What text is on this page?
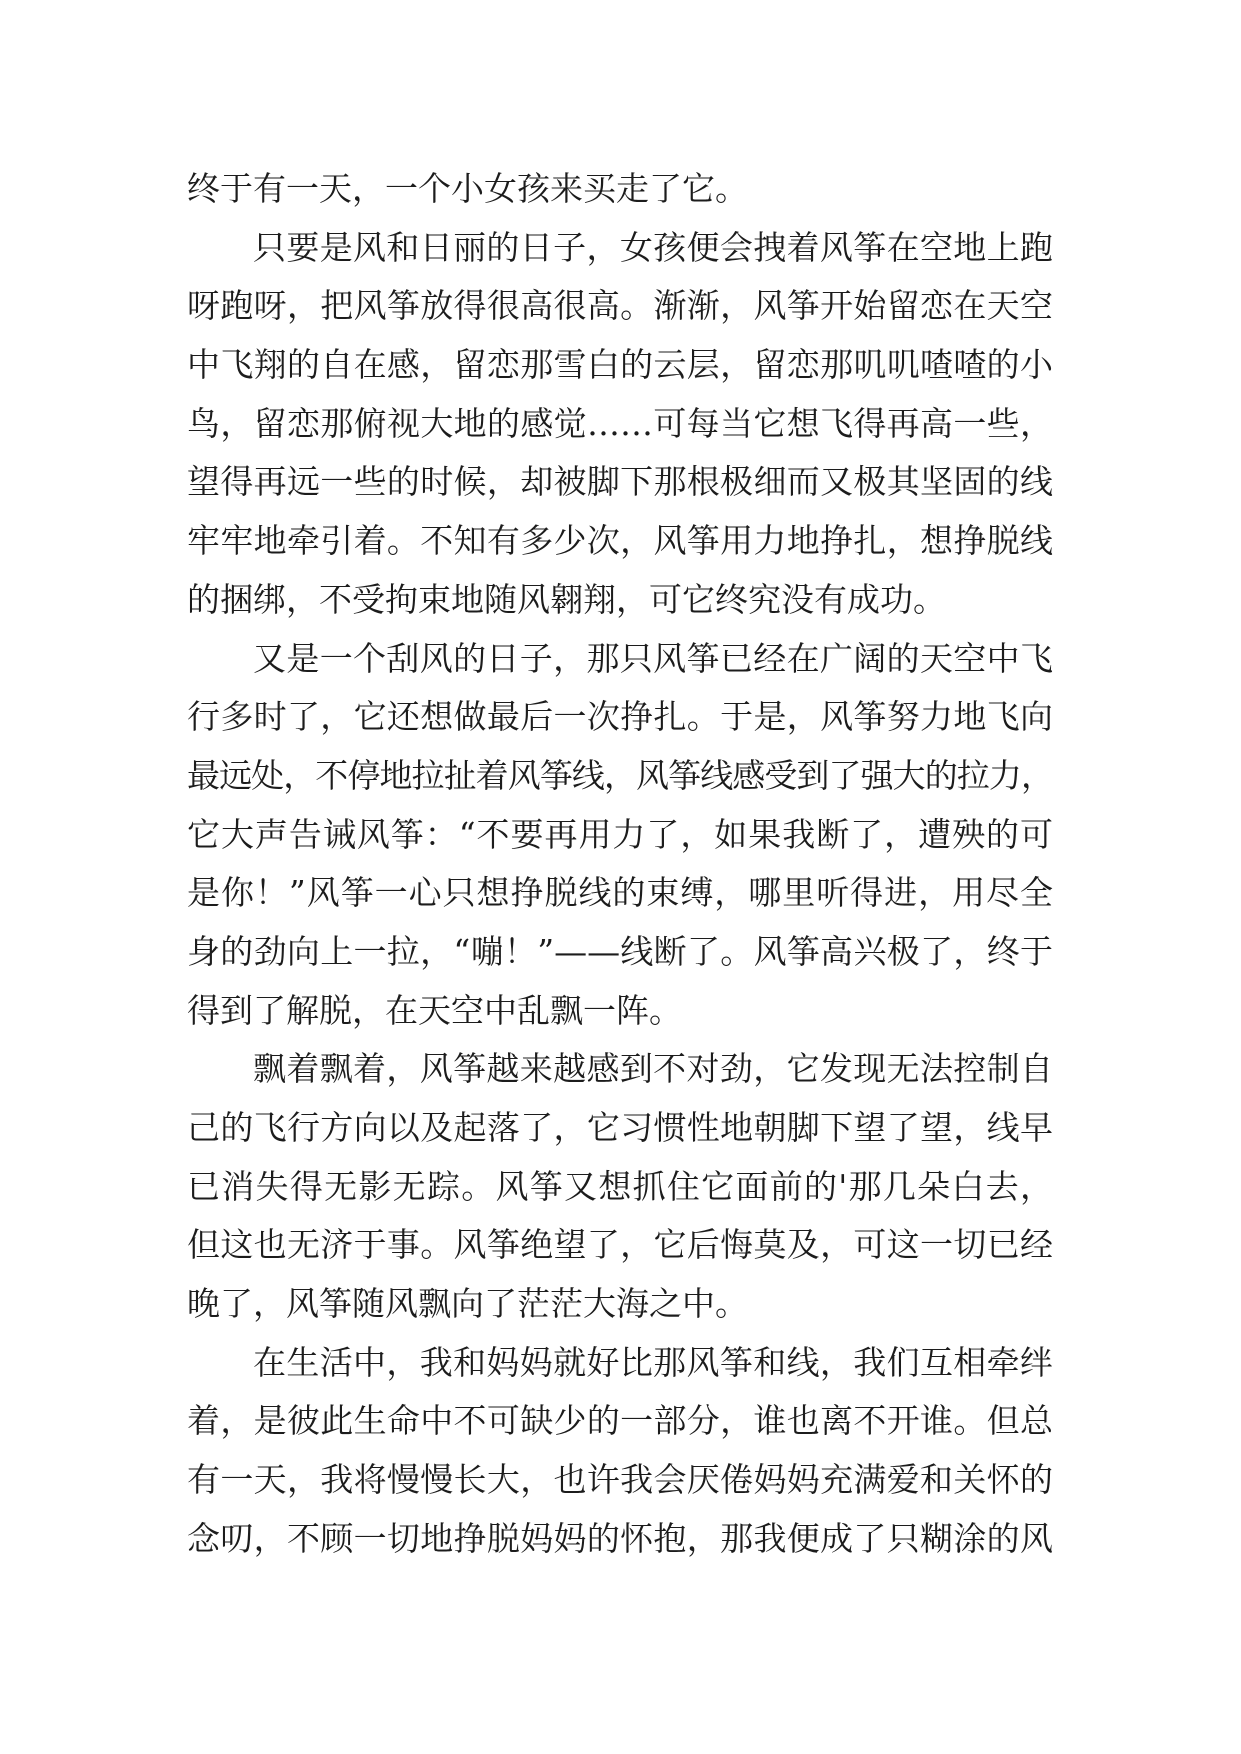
终于有一天，一个小女孩来买走了它。

只要是风和日丽的日子，女孩便会拽着风筝在空地上跑
呀跑呀，把风筝放得很高很高。渐渐，风筝开始留恋在天空
中飞翔的自在感，留恋那雪白的云层，留恋那叽叽喳喳的小
鸟，留恋那俯视大地的感觉……可每当它想飞得再高一些，
望得再远一些的时候，却被脚下那根极细而又极其坚固的线
牢牢地牵引着。不知有多少次，风筝用力地挣扎，想挣脱线
的捆绑，不受拘束地随风翱翔，可它终究没有成功。

又是一个刮风的日子，那只风筝已经在广阔的天空中飞
行多时了，它还想做最后一次挣扎。于是，风筝努力地飞向
最远处，不停地拉扯着风筝线，风筝线感受到了强大的拉力，
它大声告诫风筝：“不要再用力了，如果我断了，遭殃的可
是你！”风筝一心只想挣脱线的束缚，哪里听得进，用尽全
身的劲向上一拉，“嘣！”——线断了。风筝高兴极了，终于
得到了解脱，在天空中乱飘一阵。

飘着飘着，风筝越来越感到不对劲，它发现无法控制自
己的飞行方向以及起落了，它习惯性地朝脚下望了望，线早
已消失得无影无踪。风筝又想抓住它面前的'那几朵白去，
但这也无济于事。风筝绝望了，它后悔莫及，可这一切已经
晚了，风筝随风飘向了茫茫大海之中。

在生活中，我和妈妈就好比那风筝和线，我们互相牵绊
着，是彼此生命中不可缺少的一部分，谁也离不开谁。但总
有一天，我将慢慢长大，也许我会厌倦妈妈充满爱和关怀的
念叨，不顾一切地挣脱妈妈的怀抱，那我便成了只糊涂的风
